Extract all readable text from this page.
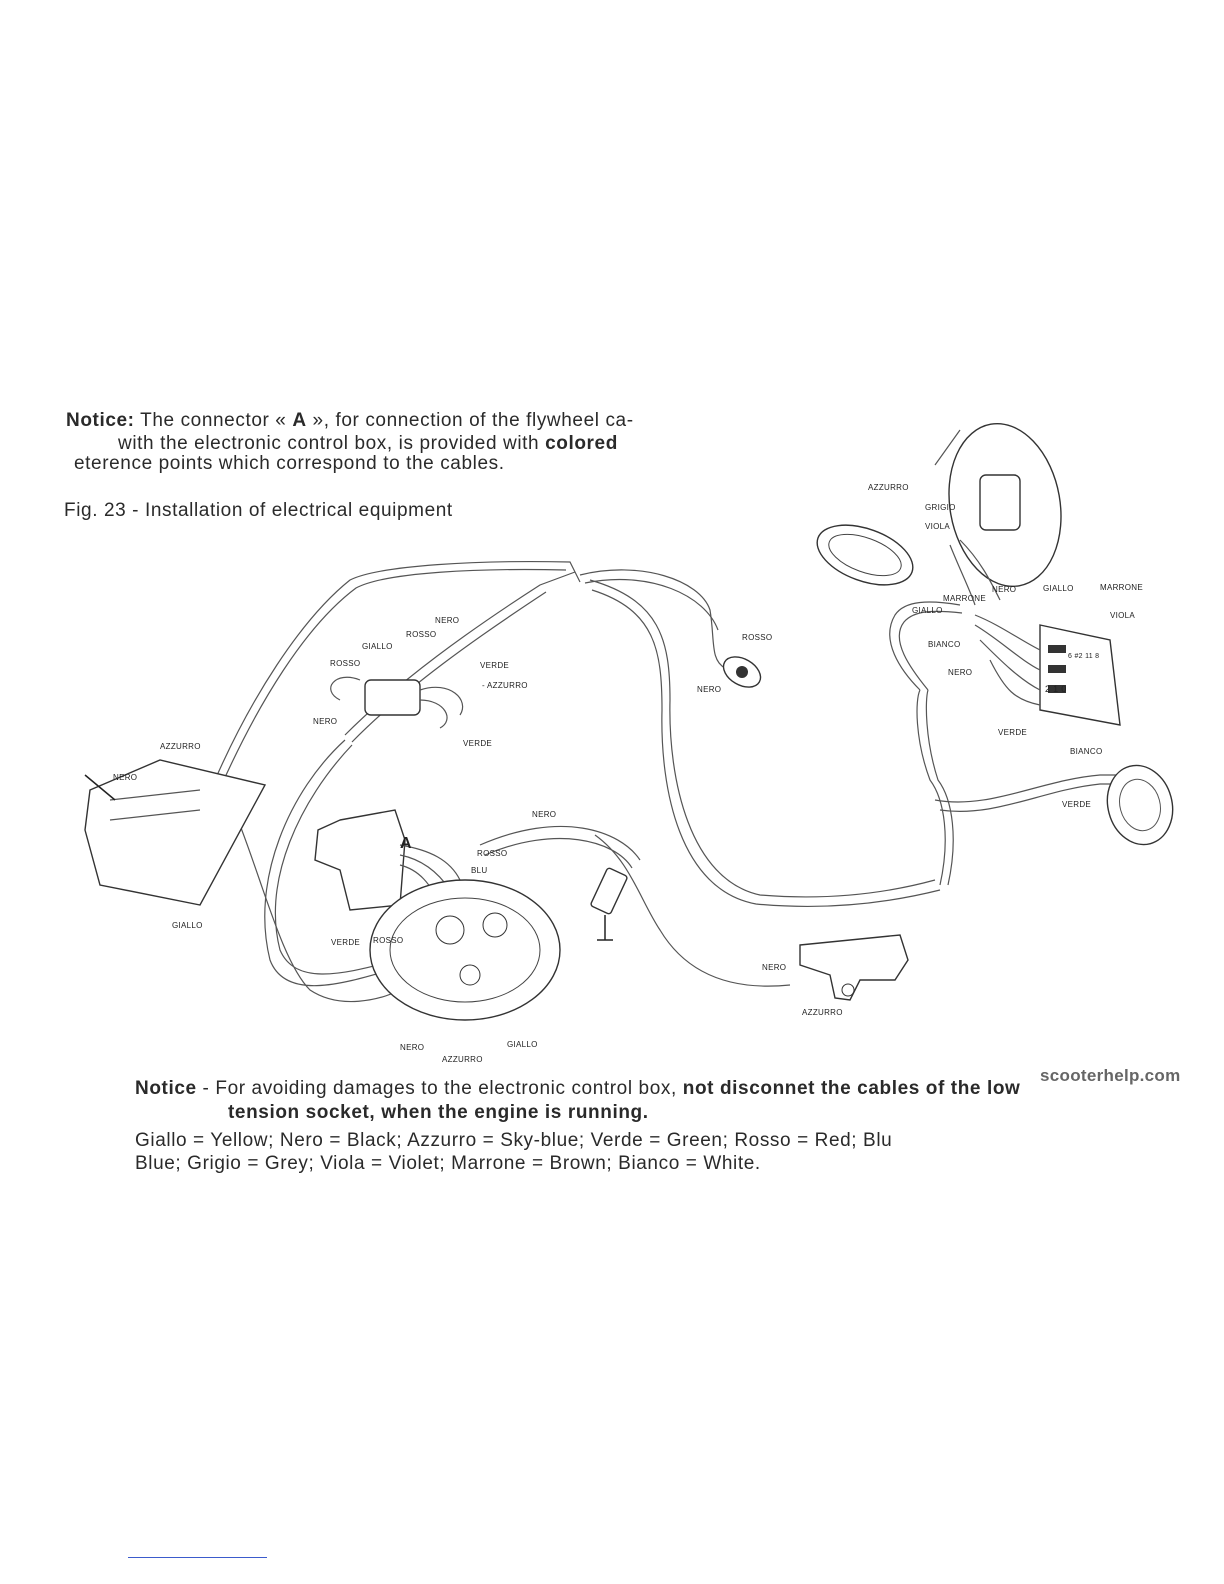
Notice: The connector « A », for connection of the flywheel ca-
with the electronic control box, is provided with colored
eterence points which correspond to the cables.
Fig. 23 - Installation of electrical equipment
A
AZZURRO
GRIGIO
VIOLA
NERO
MARRONE
GIALLO	MARRONE
GIALLO
VIOLA
BIANCO
NERO
VERDE
2 1 0
6 #2 11 8
BIANCO
VERDE
NERO
ROSSO
GIALLO
ROSSO	VERDE
- AZZURRO
NERO
VERDE
ROSSO
NERO
AZZURRO
NERO
GIALLO
NERO
ROSSO
BLU
VERDE ROSSO
NERO
AZZURRO
GIALLO
NERO
AZZURRO
Notice - For avoiding damages to the electronic control box, not disconnet the cables of the low
tension socket, when the engine is running.
Giallo = Yellow; Nero = Black; Azzurro = Sky-blue; Verde = Green; Rosso = Red; Blu
Blue; Grigio = Grey; Viola = Violet; Marrone = Brown; Bianco = White.
scooterhelp.com
